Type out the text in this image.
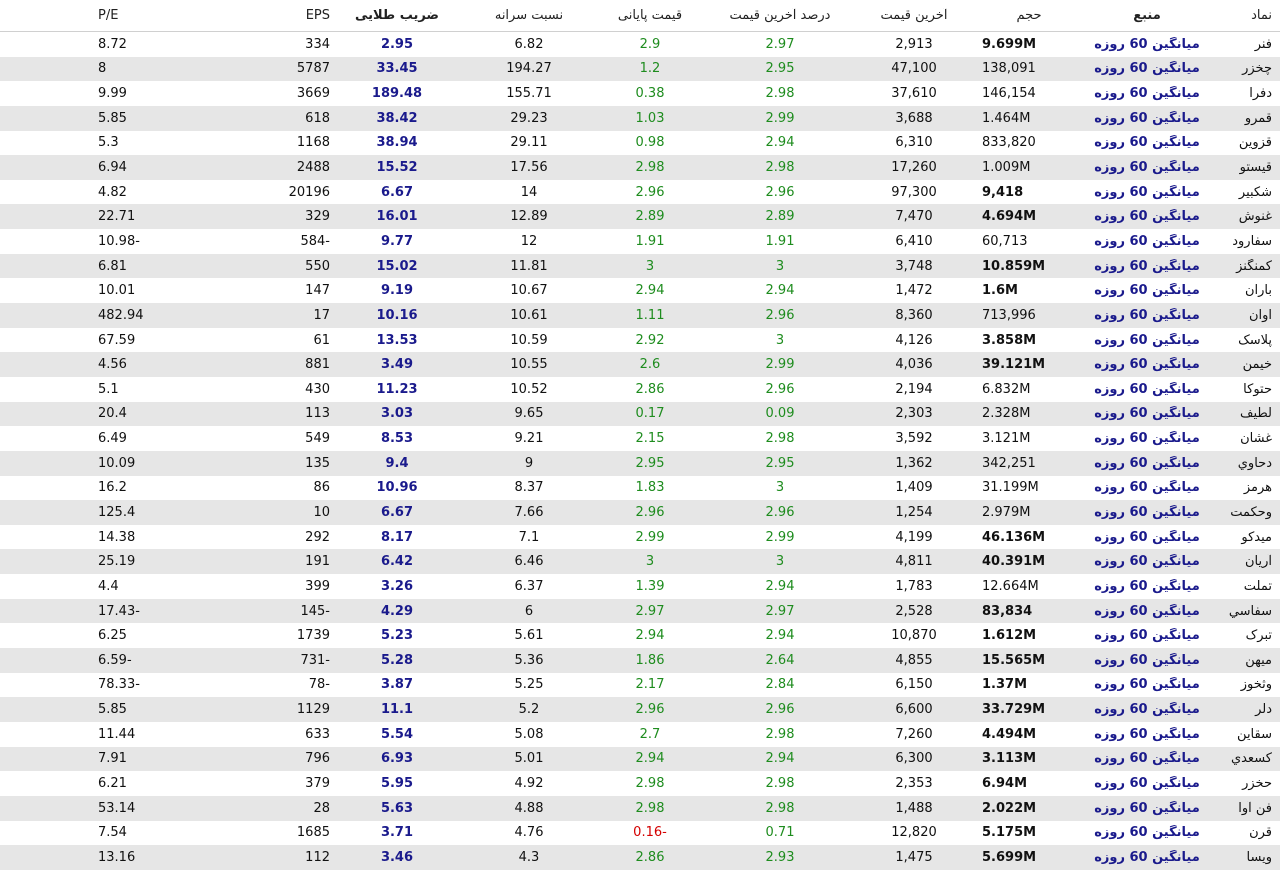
نماد
منبع
حجم
آخرین قیمت
درصد آخرین قیمت
قیمت پایانی
نسبت سرانه
ضریب طلایی
EPS
P/E
فنر
میانگین 60 روزه
9.699M
2,913
2.97
2.9
6.82
2.95
334
8.72
چخزر
میانگین 60 روزه
138,091
47,100
2.95
1.2
194.27
33.45
5787
8
دفرا
میانگین 60 روزه
146,154
37,610
2.98
0.38
155.71
189.48
3669
9.99
قمرو
میانگین 60 روزه
1.464M
3,688
2.99
1.03
29.23
38.42
618
5.85
قزوین
میانگین 60 روزه
833,820
6,310
2.94
0.98
29.11
38.94
1168
5.3
قیستو
میانگین 60 روزه
1.009M
17,260
2.98
2.98
17.56
15.52
2488
6.94
شکبیر
میانگین 60 روزه
9,418
97,300
2.96
2.96
14
6.67
20196
4.82
غنوش
میانگین 60 روزه
4.694M
7,470
2.89
2.89
12.89
16.01
329
22.71
سفارود
میانگین 60 روزه
60,713
6,410
1.91
1.91
12
9.77
-584
-10.98
کمنگنز
میانگین 60 روزه
10.859M
3,748
3
3
11.81
15.02
550
6.81
باران
میانگین 60 روزه
1.6M
1,472
2.94
2.94
10.67
9.19
147
10.01
اوان
میانگین 60 روزه
713,996
8,360
2.96
1.11
10.61
10.16
17
482.94
پلاسک
میانگین 60 روزه
3.858M
4,126
3
2.92
10.59
13.53
61
67.59
خیمن
میانگین 60 روزه
39.121M
4,036
2.99
2.6
10.55
3.49
881
4.56
حتوکا
میانگین 60 روزه
6.832M
2,194
2.96
2.86
10.52
11.23
430
5.1
لطیف
میانگین 60 روزه
2.328M
2,303
0.09
0.17
9.65
3.03
113
20.4
غشان
میانگین 60 روزه
3.121M
3,592
2.98
2.15
9.21
8.53
549
6.49
دحاوي
میانگین 60 روزه
342,251
1,362
2.95
2.95
9
9.4
135
10.09
هرمز
میانگین 60 روزه
31.199M
1,409
3
1.83
8.37
10.96
86
16.2
وحکمت
میانگین 60 روزه
2.979M
1,254
2.96
2.96
7.66
6.67
10
125.4
میدکو
میانگین 60 روزه
46.136M
4,199
2.99
2.99
7.1
8.17
292
14.38
آریان
میانگین 60 روزه
40.391M
4,811
3
3
6.46
6.42
191
25.19
تملت
میانگین 60 روزه
12.664M
1,783
2.94
1.39
6.37
3.26
399
4.4
سفاسي
میانگین 60 روزه
83,834
2,528
2.97
2.97
6
4.29
-145
-17.43
تبرک
میانگین 60 روزه
1.612M
10,870
2.94
2.94
5.61
5.23
1739
6.25
میهن
میانگین 60 روزه
15.565M
4,855
2.64
1.86
5.36
5.28
-731
-6.59
وثخوز
میانگین 60 روزه
1.37M
6,150
2.84
2.17
5.25
3.87
-78
-78.33
دلر
میانگین 60 روزه
33.729M
6,600
2.96
2.96
5.2
11.1
1129
5.85
سقاین
میانگین 60 روزه
4.494M
7,260
2.98
2.7
5.08
5.54
633
11.44
کسعدي
میانگین 60 روزه
3.113M
6,300
2.94
2.94
5.01
6.93
796
7.91
حخزر
میانگین 60 روزه
6.94M
2,353
2.98
2.98
4.92
5.95
379
6.21
فن آوا
میانگین 60 روزه
2.022M
1,488
2.98
2.98
4.88
5.63
28
53.14
قرن
میانگین 60 روزه
5.175M
12,820
0.71
-0.16
4.76
3.71
1685
7.54
ویسا
میانگین 60 روزه
5.699M
1,475
2.93
2.86
4.3
3.46
112
13.16
